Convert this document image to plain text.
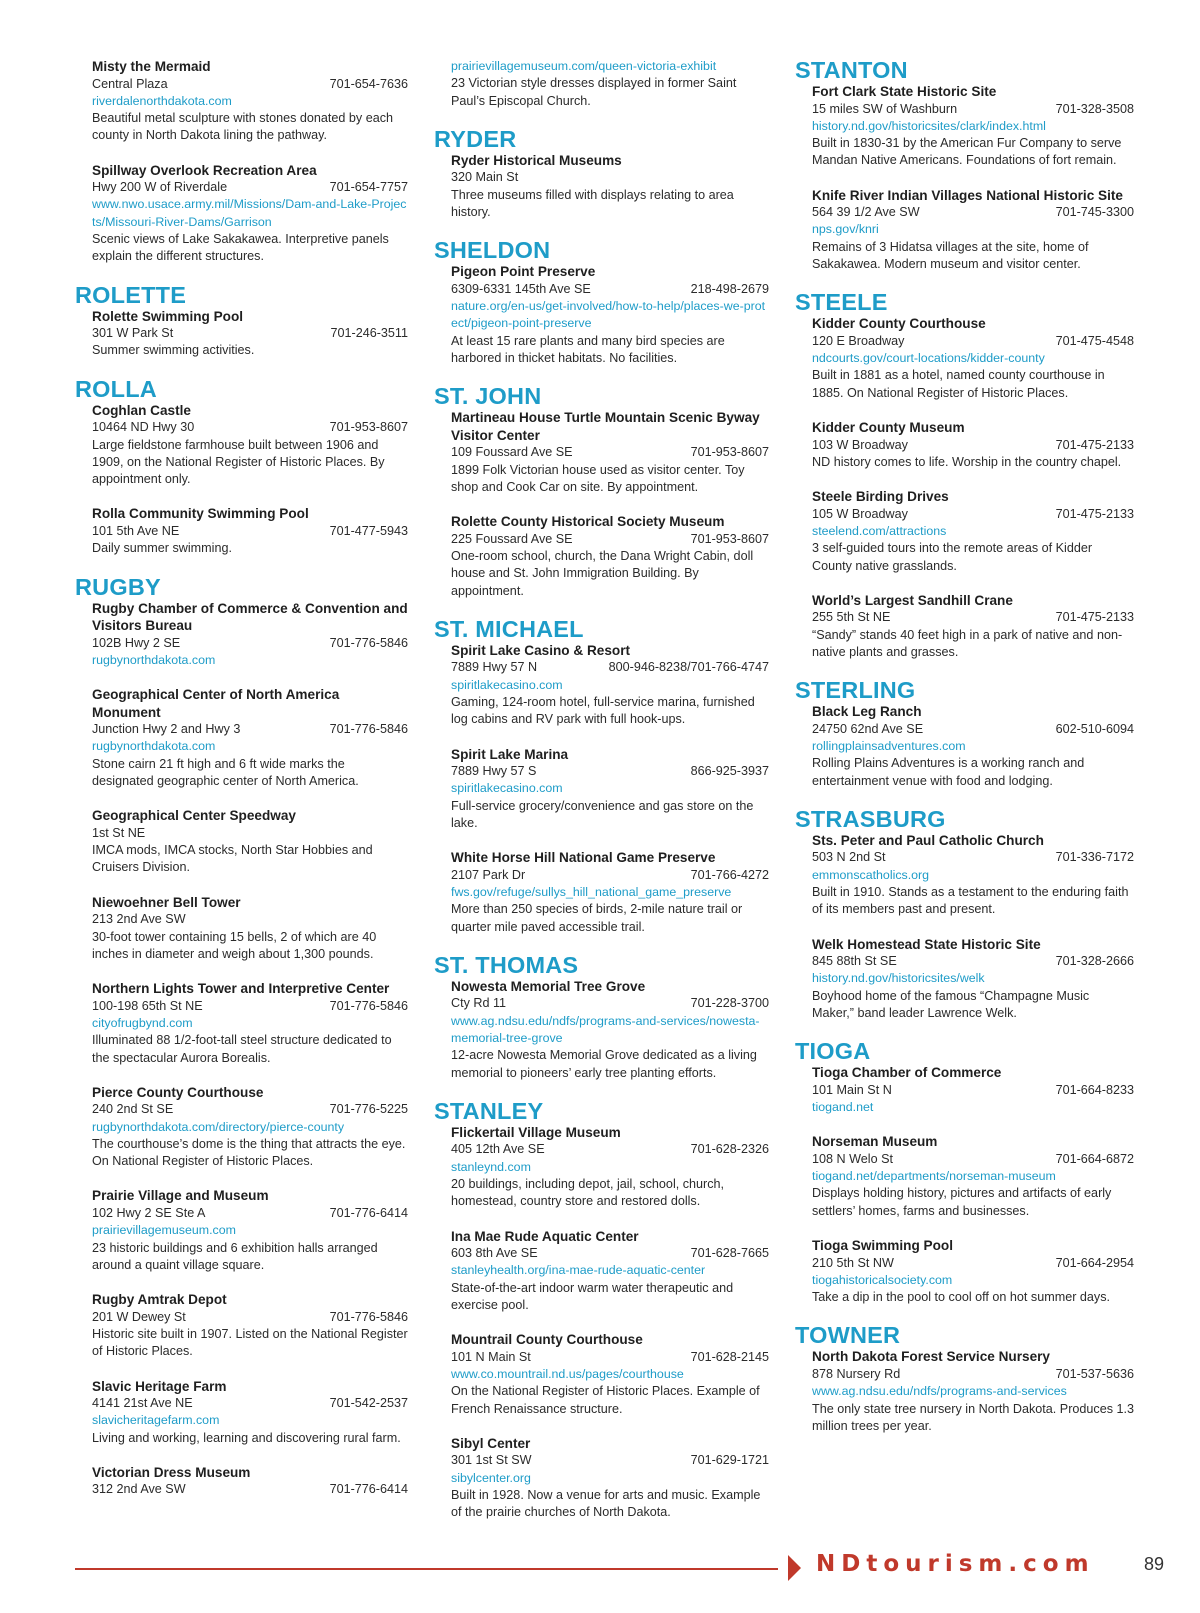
Misty the Mermaid
Central Plaza	701-654-7636
riverdalenorthdakota.com
Beautiful metal sculpture with stones donated by each county in North Dakota lining the pathway.
Spillway Overlook Recreation Area
Hwy 200 W of Riverdale	701-654-7757
www.nwo.usace.army.mil/Missions/Dam-and-Lake-Projects/Missouri-River-Dams/Garrison
Scenic views of Lake Sakakawea. Interpretive panels explain the different structures.
ROLETTE
Rolette Swimming Pool
301 W Park St	701-246-3511
Summer swimming activities.
ROLLA
Coghlan Castle
10464 ND Hwy 30	701-953-8607
Large fieldstone farmhouse built between 1906 and 1909, on the National Register of Historic Places. By appointment only.
Rolla Community Swimming Pool
101 5th Ave NE	701-477-5943
Daily summer swimming.
RUGBY
Rugby Chamber of Commerce & Convention and Visitors Bureau
102B Hwy 2 SE	701-776-5846
rugbynorthdakota.com
Geographical Center of North America Monument
Junction Hwy 2 and Hwy 3	701-776-5846
rugbynorthdakota.com
Stone cairn 21 ft high and 6 ft wide marks the designated geographic center of North America.
Geographical Center Speedway
1st St NE
IMCA mods, IMCA stocks, North Star Hobbies and Cruisers Division.
Niewoehner Bell Tower
213 2nd Ave SW
30-foot tower containing 15 bells, 2 of which are 40 inches in diameter and weigh about 1,300 pounds.
Northern Lights Tower and Interpretive Center
100-198 65th St NE	701-776-5846
cityofrugbynd.com
Illuminated 88 1/2-foot-tall steel structure dedicated to the spectacular Aurora Borealis.
Pierce County Courthouse
240 2nd St SE	701-776-5225
rugbynorthdakota.com/directory/pierce-county
The courthouse’s dome is the thing that attracts the eye. On National Register of Historic Places.
Prairie Village and Museum
102 Hwy 2 SE Ste A	701-776-6414
prairievillagemuseum.com
23 historic buildings and 6 exhibition halls arranged around a quaint village square.
Rugby Amtrak Depot
201 W Dewey St	701-776-5846
Historic site built in 1907. Listed on the National Register of Historic Places.
Slavic Heritage Farm
4141 21st Ave NE	701-542-2537
slavicheritagefarm.com
Living and working, learning and discovering rural farm.
Victorian Dress Museum
312 2nd Ave SW	701-776-6414
prairievillagemuseum.com/queen-victoria-exhibit
23 Victorian style dresses displayed in former Saint Paul’s Episcopal Church.
RYDER
Ryder Historical Museums
320 Main St
Three museums filled with displays relating to area history.
SHELDON
Pigeon Point Preserve
6309-6331 145th Ave SE	218-498-2679
nature.org/en-us/get-involved/how-to-help/places-we-protect/pigeon-point-preserve
At least 15 rare plants and many bird species are harbored in thicket habitats. No facilities.
ST. JOHN
Martineau House Turtle Mountain Scenic Byway Visitor Center
109 Foussard Ave SE	701-953-8607
1899 Folk Victorian house used as visitor center. Toy shop and Cook Car on site. By appointment.
Rolette County Historical Society Museum
225 Foussard Ave SE	701-953-8607
One-room school, church, the Dana Wright Cabin, doll house and St. John Immigration Building. By appointment.
ST. MICHAEL
Spirit Lake Casino & Resort
7889 Hwy 57 N	800-946-8238/701-766-4747
spiritlakecasino.com
Gaming, 124-room hotel, full-service marina, furnished log cabins and RV park with full hook-ups.
Spirit Lake Marina
7889 Hwy 57 S	866-925-3937
spiritlakecasino.com
Full-service grocery/convenience and gas store on the lake.
White Horse Hill National Game Preserve
2107 Park Dr	701-766-4272
fws.gov/refuge/sullys_hill_national_game_preserve
More than 250 species of birds, 2-mile nature trail or quarter mile paved accessible trail.
ST. THOMAS
Nowesta Memorial Tree Grove
Cty Rd 11	701-228-3700
www.ag.ndsu.edu/ndfs/programs-and-services/nowesta-memorial-tree-grove
12-acre Nowesta Memorial Grove dedicated as a living memorial to pioneers’ early tree planting efforts.
STANLEY
Flickertail Village Museum
405 12th Ave SE	701-628-2326
stanleynd.com
20 buildings, including depot, jail, school, church, homestead, country store and restored dolls.
Ina Mae Rude Aquatic Center
603 8th Ave SE	701-628-7665
stanleyhealth.org/ina-mae-rude-aquatic-center
State-of-the-art indoor warm water therapeutic and exercise pool.
Mountrail County Courthouse
101 N Main St	701-628-2145
www.co.mountrail.nd.us/pages/courthouse
On the National Register of Historic Places. Example of French Renaissance structure.
Sibyl Center
301 1st St SW	701-629-1721
sibylcenter.org
Built in 1928. Now a venue for arts and music. Example of the prairie churches of North Dakota.
STANTON
Fort Clark State Historic Site
15 miles SW of Washburn	701-328-3508
history.nd.gov/historicsites/clark/index.html
Built in 1830-31 by the American Fur Company to serve Mandan Native Americans. Foundations of fort remain.
Knife River Indian Villages National Historic Site
564 39 1/2 Ave SW	701-745-3300
nps.gov/knri
Remains of 3 Hidatsa villages at the site, home of Sakakawea. Modern museum and visitor center.
STEELE
Kidder County Courthouse
120 E Broadway	701-475-4548
ndcourts.gov/court-locations/kidder-county
Built in 1881 as a hotel, named county courthouse in 1885. On National Register of Historic Places.
Kidder County Museum
103 W Broadway	701-475-2133
ND history comes to life. Worship in the country chapel.
Steele Birding Drives
105 W Broadway	701-475-2133
steelend.com/attractions
3 self-guided tours into the remote areas of Kidder County native grasslands.
World’s Largest Sandhill Crane
255 5th St NE	701-475-2133
“Sandy” stands 40 feet high in a park of native and non-native plants and grasses.
STERLING
Black Leg Ranch
24750 62nd Ave SE	602-510-6094
rollingplainsadventures.com
Rolling Plains Adventures is a working ranch and entertainment venue with food and lodging.
STRASBURG
Sts. Peter and Paul Catholic Church
503 N 2nd St	701-336-7172
emmonscatholics.org
Built in 1910. Stands as a testament to the enduring faith of its members past and present.
Welk Homestead State Historic Site
845 88th St SE	701-328-2666
history.nd.gov/historicsites/welk
Boyhood home of the famous “Champagne Music Maker,” band leader Lawrence Welk.
TIOGA
Tioga Chamber of Commerce
101 Main St N	701-664-8233
tiogand.net
Norseman Museum
108 N Welo St	701-664-6872
tiogand.net/departments/norseman-museum
Displays holding history, pictures and artifacts of early settlers’ homes, farms and businesses.
Tioga Swimming Pool
210 5th St NW	701-664-2954
tiogahistoricalsociety.com
Take a dip in the pool to cool off on hot summer days.
TOWNER
North Dakota Forest Service Nursery
878 Nursery Rd	701-537-5636
www.ag.ndsu.edu/ndfs/programs-and-services
The only state tree nursery in North Dakota. Produces 1.3 million trees per year.
NDtourism.com	89
